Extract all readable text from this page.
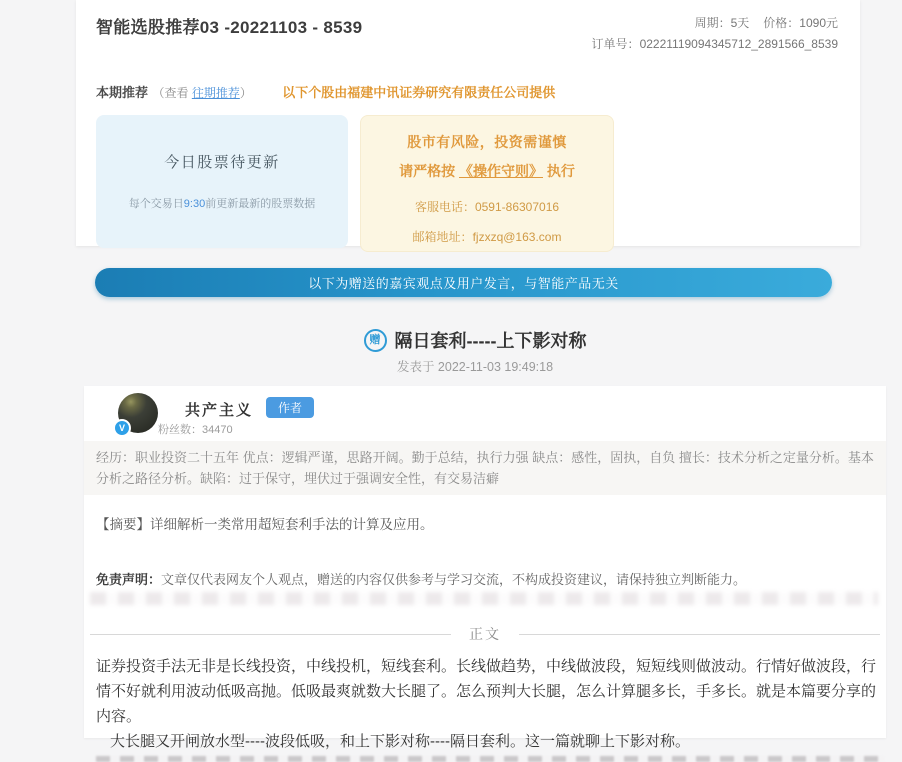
智能选股推荐03 -20221103 - 8539	周期：5天 价格：1090元
订单号：02221119094345712_2891566_8539
本期推荐 （查看 往期推荐） 以下个股由福建中讯证券研究有限责任公司提供
今日股票待更新
每个交易日9:30前更新最新的股票数据
股市有风险，投资需谨慎
请严格按 《操作守则》 执行
客服电话：0591-86307016
邮箱地址：fjzxzq@163.com
以下为赠送的嘉宾观点及用户发言，与智能产品无关
赠 隔日套利-----上下影对称
发表于 2022-11-03 19:49:18
V
共产主义	作者
粉丝数：34470
经历：职业投资二十五年 优点：逻辑严谨，思路开阔。勤于总结，执行力强 缺点：感性，固执，自负 擅长：技术分析之定量分析。基本分析之路径分析。缺陷：过于保守，埋伏过于强调安全性，有交易洁癖
【摘要】详细解析一类常用超短套利手法的计算及应用。
免责声明：文章仅代表网友个人观点，赠送的内容仅供参考与学习交流，不构成投资建议，请保持独立判断能力。
正文

证券投资手法无非是长线投资，中线投机，短线套利。长线做趋势，中线做波段，短短线则做波动。行情好做波段，行情不好就利用波动低吸高抛。低吸最爽就数大长腿了。怎么预判大长腿，怎么计算腿多长，手多长。就是本篇要分享的内容。

大长腿又开闸放水型----波段低吸，和上下影对称----隔日套利。这一篇就聊上下影对称。
